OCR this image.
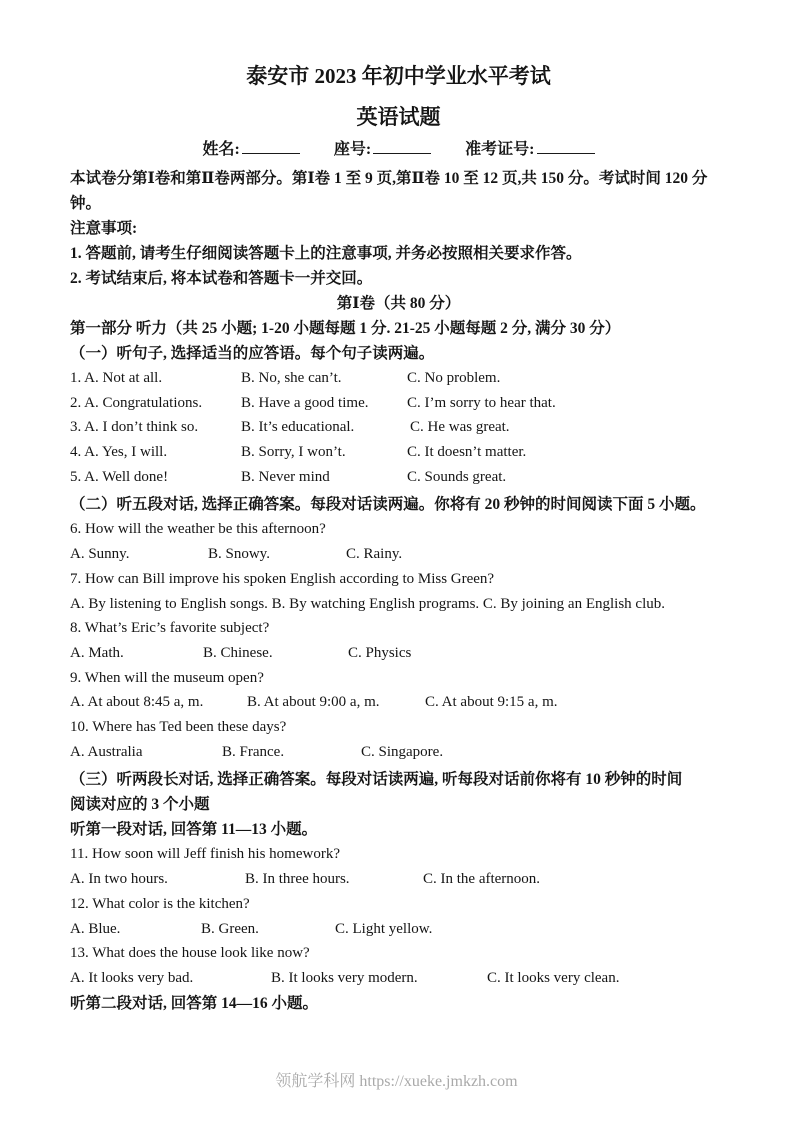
泰安市 2023 年初中学业水平考试
英语试题
姓名:	座号:	准考证号:
本试卷分第Ⅰ卷和第Ⅱ卷两部分。第Ⅰ卷 1 至 9 页,第Ⅱ卷 10 至 12 页,共 150 分。考试时间 120 分钟。
注意事项:
1. 答题前, 请考生仔细阅读答题卡上的注意事项, 并务必按照相关要求作答。
2. 考试结束后, 将本试卷和答题卡一并交回。
第Ⅰ卷（共 80 分）
第一部分 听力（共 25 小题; 1-20 小题每题 1 分. 21-25 小题每题 2 分, 满分 30 分）
（一）听句子, 选择适当的应答语。每个句子读两遍。
1. A. Not at all.	B. No, she can’t.	C. No problem.
2. A. Congratulations.	B. Have a good time.	C. I’m sorry to hear that.
3. A. I don’t think so.	B. It’s educational.	C. He was great.
4. A. Yes, I will.	B. Sorry, I won’t.	C. It doesn’t matter.
5. A. Well done!	B. Never mind	C. Sounds great.
（二）听五段对话, 选择正确答案。每段对话读两遍。你将有 20 秒钟的时间阅读下面 5 小题。
6. How will the weather be this afternoon?
A. Sunny.	B. Snowy.	C. Rainy.
7. How can Bill improve his spoken English according to Miss Green?
A. By listening to English songs. B. By watching English programs. C. By joining an English club.
8. What’s Eric’s favorite subject?
A. Math.	B. Chinese.	C. Physics
9. When will the museum open?
A. At about 8:45 a, m.	B. At about 9:00 a, m.	C. At about 9:15 a, m.
10. Where has Ted been these days?
A. Australia	B. France.	C. Singapore.
（三）听两段长对话, 选择正确答案。每段对话读两遍, 听每段对话前你将有 10 秒钟的时间
阅读对应的 3 个小题
听第一段对话, 回答第 11—13 小题。
11. How soon will Jeff finish his homework?
A. In two hours.	B. In three hours.	C. In the afternoon.
12. What color is the kitchen?
A. Blue.	B. Green.	C. Light yellow.
13. What does the house look like now?
A. It looks very bad.	B. It looks very modern.	C. It looks very clean.
听第二段对话, 回答第 14—16 小题。
领航学科网 https://xueke.jmkzh.com
